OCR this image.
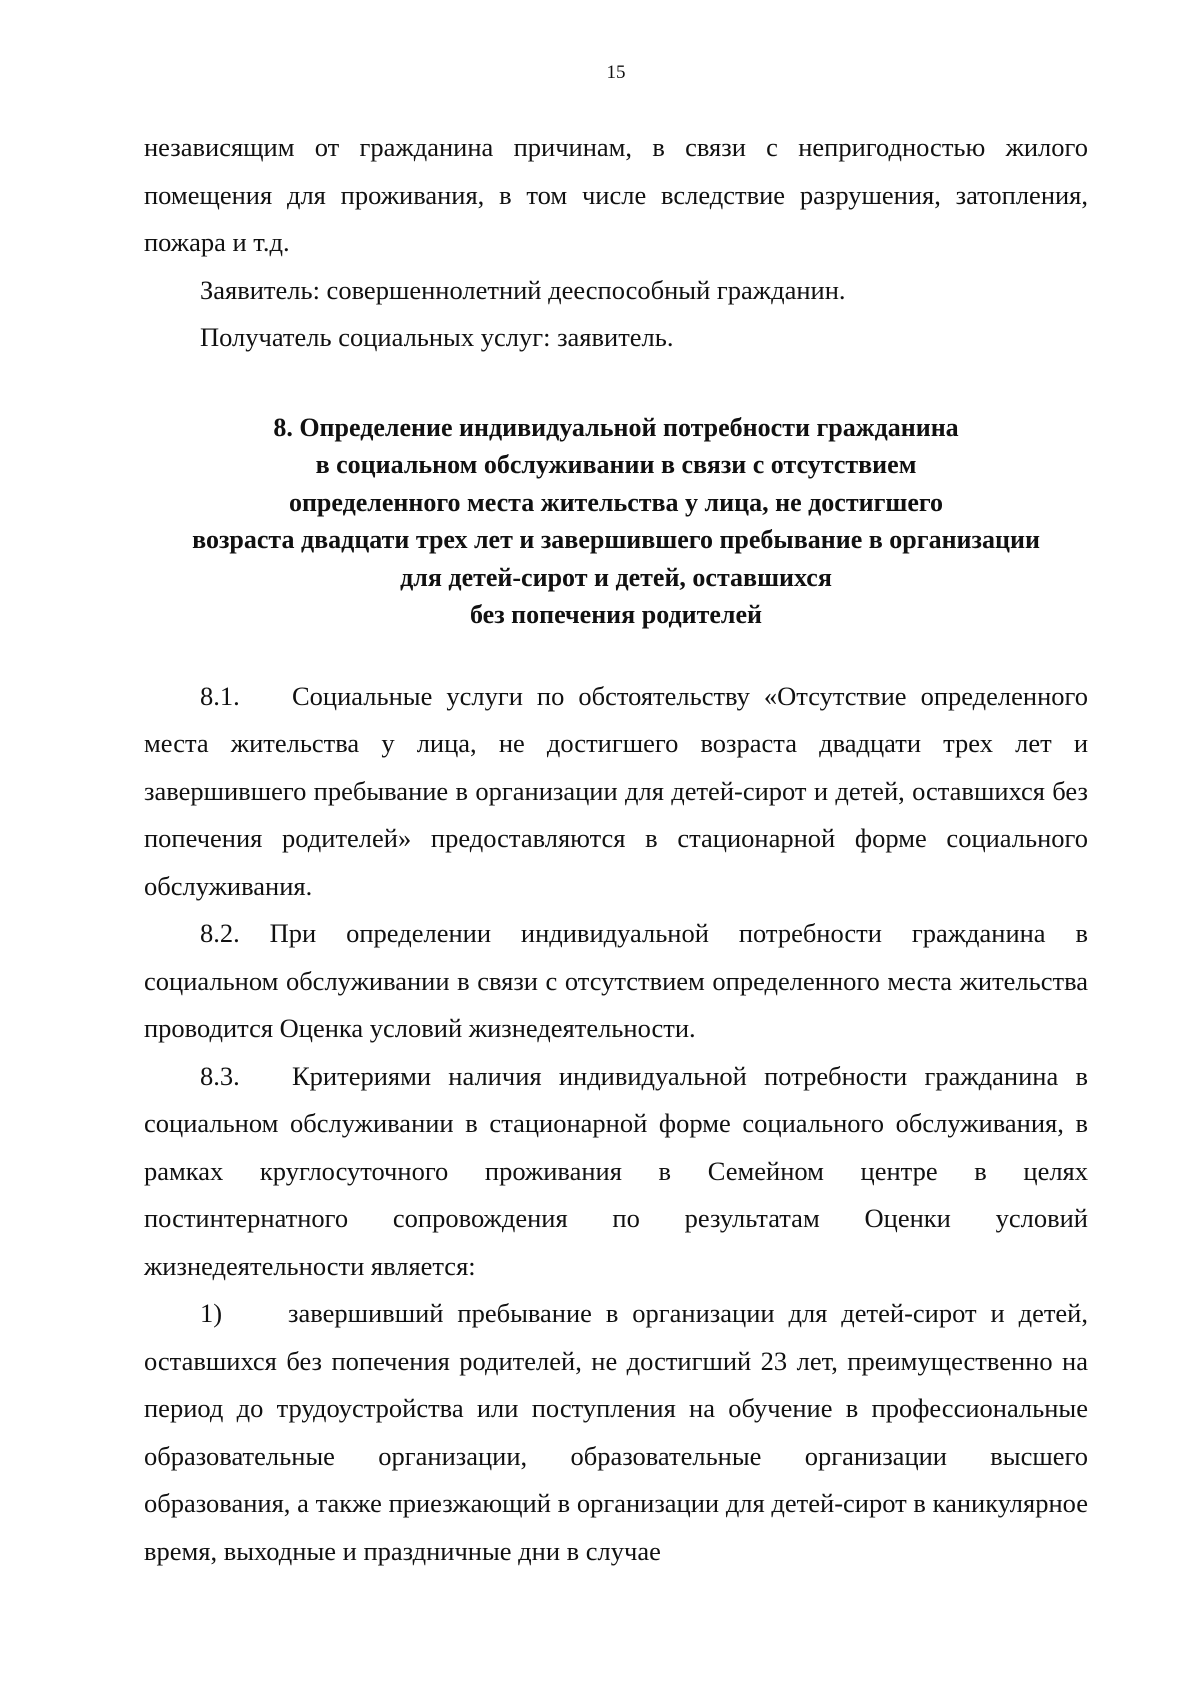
15

независящим от гражданина причинам, в связи с непригодностью жилого помещения для проживания, в том числе вследствие разрушения, затопления, пожара и т.д.

Заявитель: совершеннолетний дееспособный гражданин.

Получатель социальных услуг: заявитель.

8. Определение индивидуальной потребности гражданина
в социальном обслуживании в связи с отсутствием
определенного места жительства у лица, не достигшего
возраста двадцати трех лет и завершившего пребывание в организации
для детей-сирот и детей, оставшихся
без попечения родителей

8.1. Социальные услуги по обстоятельству «Отсутствие определенного места жительства у лица, не достигшего возраста двадцати трех лет и завершившего пребывание в организации для детей-сирот и детей, оставшихся без попечения родителей» предоставляются в стационарной форме социального обслуживания.

8.2. При определении индивидуальной потребности гражданина в социальном обслуживании в связи с отсутствием определенного места жительства проводится Оценка условий жизнедеятельности.

8.3. Критериями наличия индивидуальной потребности гражданина в социальном обслуживании в стационарной форме социального обслуживания, в рамках круглосуточного проживания в Семейном центре в целях постинтернатного сопровождения по результатам Оценки условий жизнедеятельности является:

1) завершивший пребывание в организации для детей-сирот и детей, оставшихся без попечения родителей, не достигший 23 лет, преимущественно на период до трудоустройства или поступления на обучение в профессиональные образовательные организации, образовательные организации высшего образования, а также приезжающий в организации для детей-сирот в каникулярное время, выходные и праздничные дни в случае
